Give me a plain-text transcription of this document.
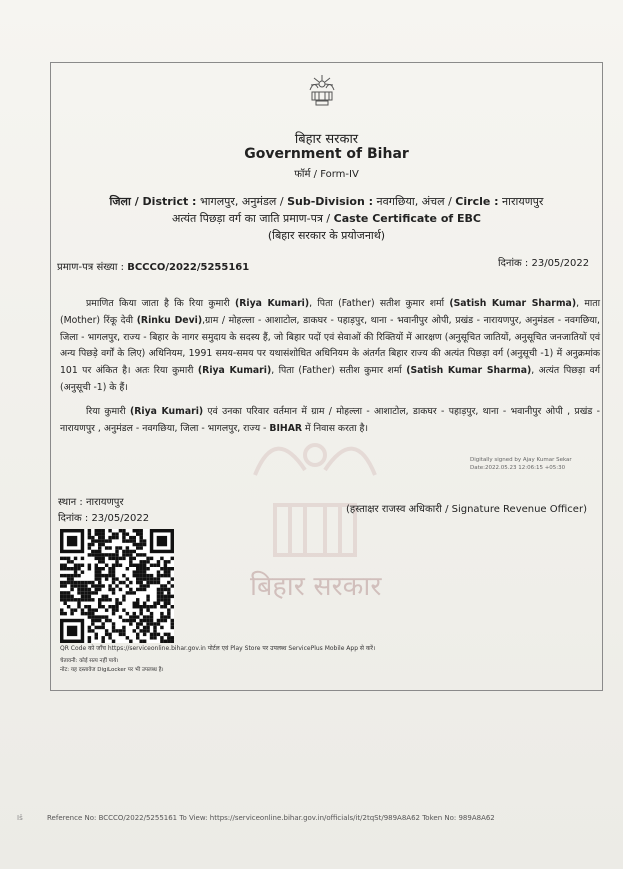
बिहार सरकार
बिहार सरकार
Government of Bihar
फॉर्म / Form-IV
जिला / District : भागलपुर, अनुमंडल / Sub-Division : नवगछिया, अंचल / Circle : नारायणपुर
अत्यंत पिछड़ा वर्ग का जाति प्रमाण-पत्र / Caste Certificate of EBC
(बिहार सरकार के प्रयोजनार्थ)
प्रमाण-पत्र संख्या : BCCCO/2022/5255161	दिनांक : 23/05/2022
प्रमाणित किया जाता है कि रिया कुमारी (Riya Kumari), पिता (Father) सतीश कुमार शर्मा (Satish Kumar Sharma), माता (Mother) रिंकू देवी (Rinku Devi),ग्राम / मोहल्ला - आशाटोल, डाकघर - पहाड़पुर, थाना - भवानीपुर ओपी, प्रखंड - नारायणपुर, अनुमंडल - नवगछिया, जिला - भागलपुर, राज्य - बिहार के नागर समुदाय के सदस्य हैं, जो बिहार पदों एवं सेवाओं की रिक्तियों में आरक्षण (अनुसूचित जातियों, अनुसूचित जनजातियों एवं अन्य पिछड़े वर्गों के लिए) अधिनियम, 1991 समय-समय पर यथासंशोधित अधिनियम के अंतर्गत बिहार राज्य की अत्यंत पिछड़ा वर्ग (अनुसूची -1) में अनुक्रमांक 101 पर अंकित है। अतः रिया कुमारी (Riya Kumari), पिता (Father) सतीश कुमार शर्मा (Satish Kumar Sharma), अत्यंत पिछड़ा वर्ग (अनुसूची -1) के हैं।
रिया कुमारी (Riya Kumari) एवं उनका परिवार वर्तमान में ग्राम / मोहल्ला - आशाटोल, डाकघर - पहाड़पुर, थाना - भवानीपुर ओपी , प्रखंड - नारायणपुर , अनुमंडल - नवगछिया, जिला - भागलपुर, राज्य - BIHAR में निवास करता है।
Digitally signed by Ajay Kumar Sekar
Date:2022.05.23 12:06:15 +05:30
स्थान : नारायणपुर
दिनांक : 23/05/2022
(हस्ताक्षर राजस्व अधिकारी / Signature Revenue Officer)
QR Code को जाँच https://serviceonline.bihar.gov.in पोर्टल एवं Play Store पर उपलब्ध ServicePlus Mobile App से करें।
चेतावनी: कोई सत्य नहीं पाये।
नोट: यह दस्तावेज DigiLocker पर भी उपलब्ध है।
Iš	Reference No: BCCCO/2022/5255161 To View: https://serviceonline.bihar.gov.in/officials/it/2tqSt/989A8A62 Token No: 989A8A62
